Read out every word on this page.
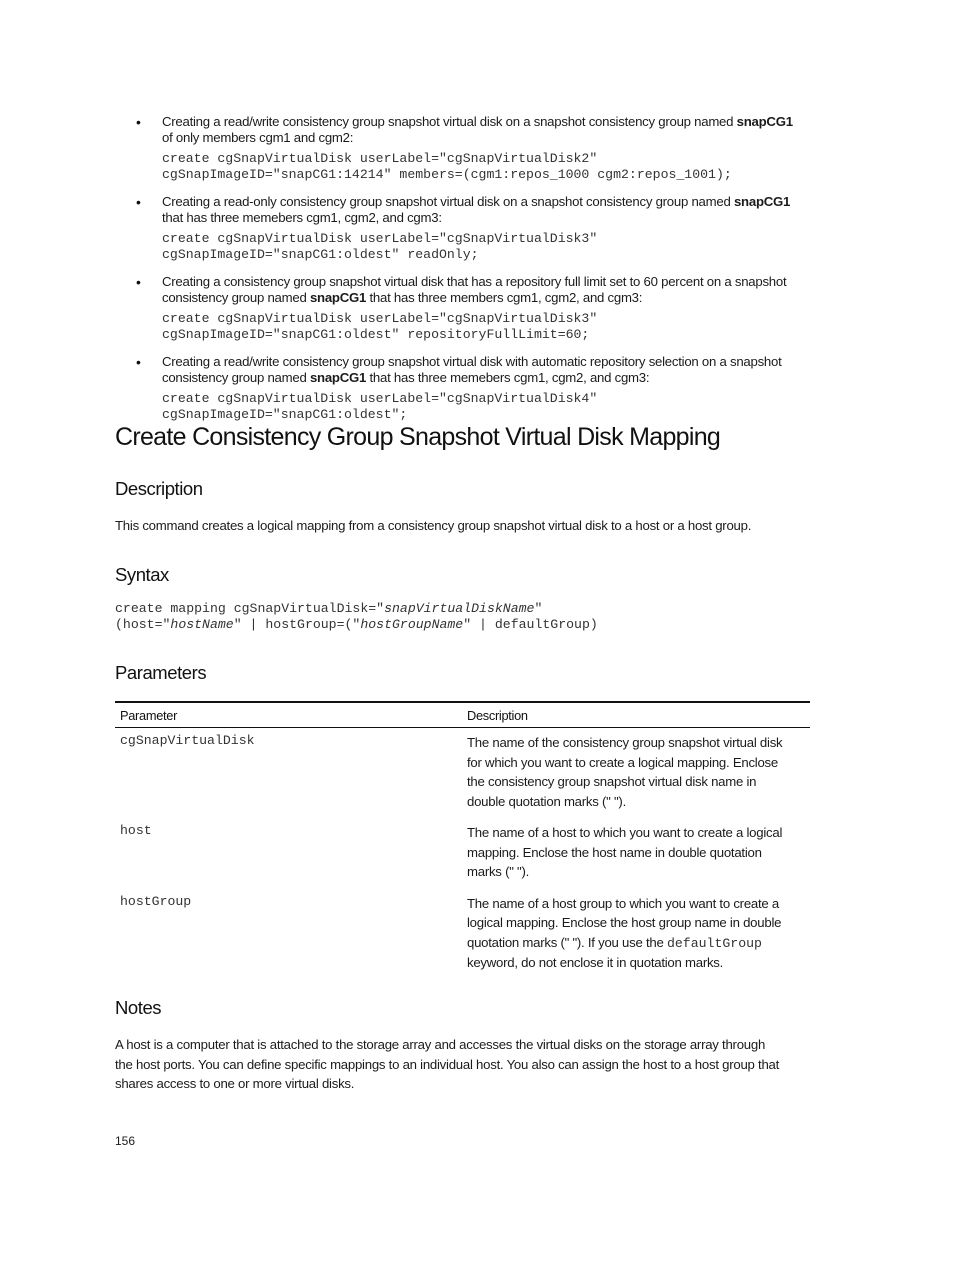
• Creating a read/write consistency group snapshot virtual disk on a snapshot consistency group named snapCG1
of only members cgm1 and cgm2:
create cgSnapVirtualDisk userLabel="cgSnapVirtualDisk2"
cgSnapImageID="snapCG1:14214" members=(cgm1:repos_1000 cgm2:repos_1001);
• Creating a read-only consistency group snapshot virtual disk on a snapshot consistency group named snapCG1
that has three memebers cgm1, cgm2, and cgm3:
create cgSnapVirtualDisk userLabel="cgSnapVirtualDisk3"
cgSnapImageID="snapCG1:oldest" readOnly;
• Creating a consistency group snapshot virtual disk that has a repository full limit set to 60 percent on a snapshot
consistency group named snapCG1 that has three members cgm1, cgm2, and cgm3:
create cgSnapVirtualDisk userLabel="cgSnapVirtualDisk3"
cgSnapImageID="snapCG1:oldest" repositoryFullLimit=60;
• Creating a read/write consistency group snapshot virtual disk with automatic repository selection on a snapshot
consistency group named snapCG1 that has three memebers cgm1, cgm2, and cgm3:
create cgSnapVirtualDisk userLabel="cgSnapVirtualDisk4"
cgSnapImageID="snapCG1:oldest";
Create Consistency Group Snapshot Virtual Disk Mapping
Description
This command creates a logical mapping from a consistency group snapshot virtual disk to a host or a host group.
Syntax
create mapping cgSnapVirtualDisk="snapVirtualDiskName"
(host="hostName" | hostGroup=("hostGroupName" | defaultGroup)
Parameters
Parameter	Description

cgSnapVirtualDisk	The name of the consistency group snapshot virtual disk
for which you want to create a logical mapping. Enclose
the consistency group snapshot virtual disk name in
double quotation marks (" ").

host	The name of a host to which you want to create a logical
mapping. Enclose the host name in double quotation
marks (" ").

hostGroup	The name of a host group to which you want to create a
logical mapping. Enclose the host group name in double
quotation marks (" "). If you use the defaultGroup
keyword, do not enclose it in quotation marks.
Notes
A host is a computer that is attached to the storage array and accesses the virtual disks on the storage array through
the host ports. You can define specific mappings to an individual host. You also can assign the host to a host group that
shares access to one or more virtual disks.
156
